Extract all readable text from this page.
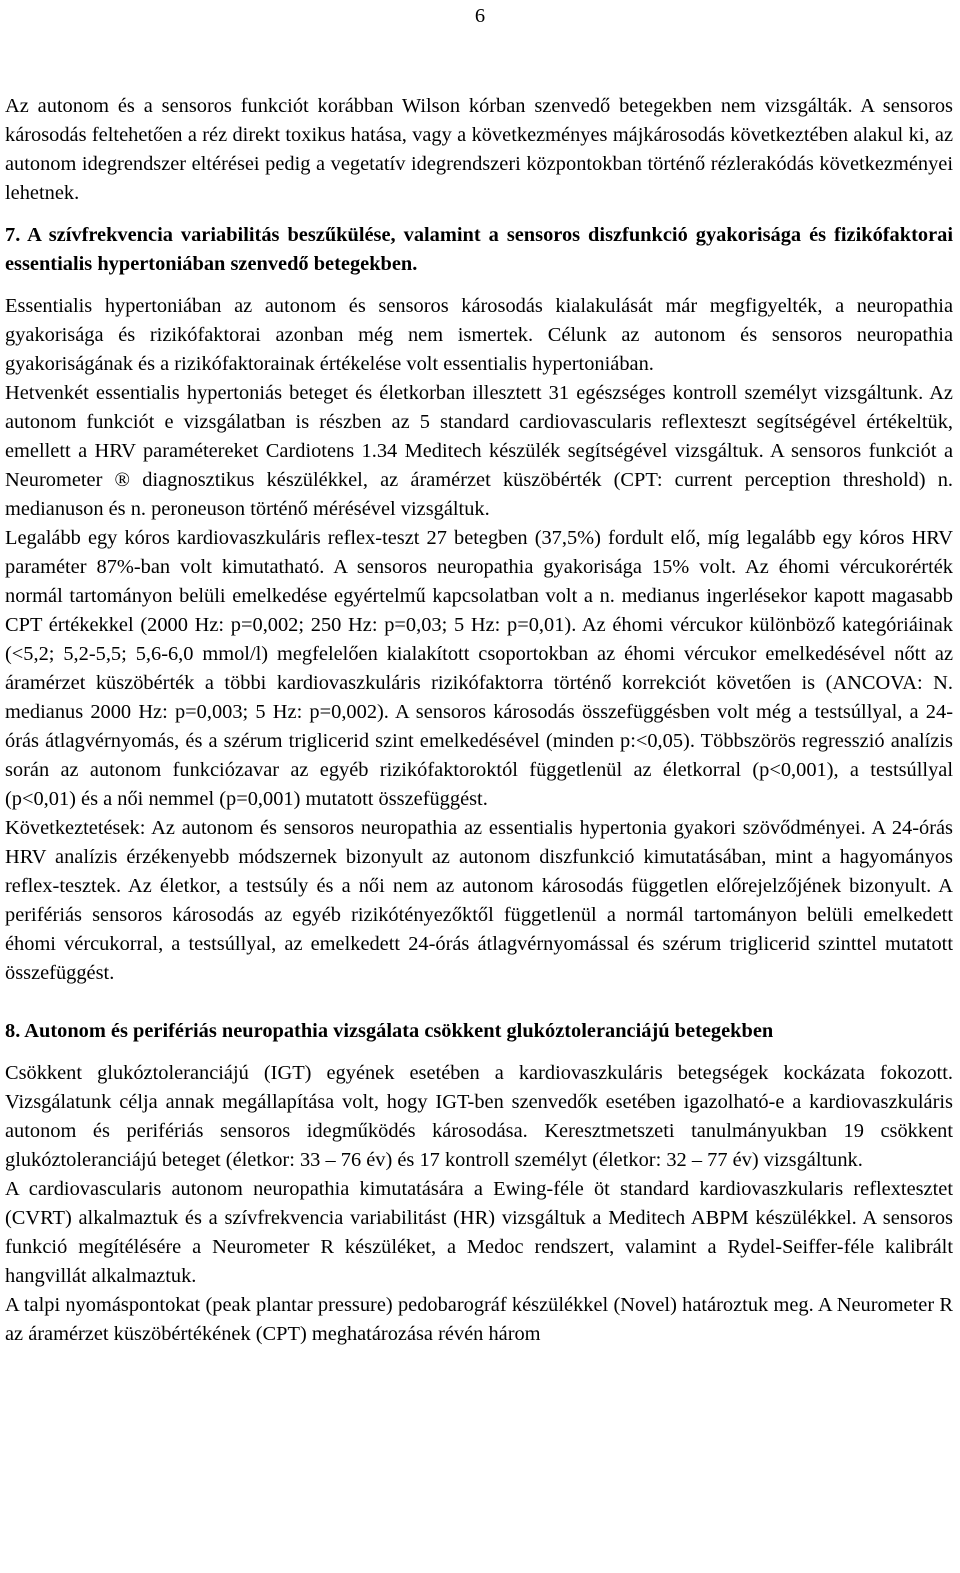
6

Az autonom és a sensoros funkciót korábban Wilson kórban szenvedő betegekben nem vizsgálták. A sensoros károsodás feltehetően a réz direkt toxikus hatása, vagy a következményes májkárosodás következtében alakul ki, az autonom idegrendszer eltérései pedig a vegetatív idegrendszeri központokban történő rézlerakódás következményei lehetnek.

7. A szívfrekvencia variabilitás beszűkülése, valamint a sensoros diszfunkció gyakorisága és fizikófaktorai essentialis hypertoniában szenvedő betegekben.

Essentialis hypertoniában az autonom és sensoros károsodás kialakulását már megfigyelték, a neuropathia gyakorisága és rizikófaktorai azonban még nem ismertek. Célunk az autonom és sensoros neuropathia gyakoriságának és a rizikófaktorainak értékelése volt essentialis hypertoniában.

Hetvenkét essentialis hypertoniás beteget és életkorban illesztett 31 egészséges kontroll személyt vizsgáltunk. Az autonom funkciót e vizsgálatban is részben az 5 standard cardiovascularis reflexteszt segítségével értékeltük, emellett a HRV paramétereket Cardiotens 1.34 Meditech készülék segítségével vizsgáltuk. A sensoros funkciót a Neurometer ® diagnosztikus készülékkel, az áramérzet küszöbérték (CPT: current perception threshold) n. medianuson és n. peroneuson történő mérésével vizsgáltuk.

Legalább egy kóros kardiovaszkuláris reflex-teszt 27 betegben (37,5%) fordult elő, míg legalább egy kóros HRV paraméter 87%-ban volt kimutatható. A sensoros neuropathia gyakorisága 15% volt. Az éhomi vércukorérték normál tartományon belüli emelkedése egyértelmű kapcsolatban volt a n. medianus ingerlésekor kapott magasabb CPT értékekkel (2000 Hz: p=0,002; 250 Hz: p=0,03; 5 Hz: p=0,01). Az éhomi vércukor különböző kategóriáinak (<5,2; 5,2-5,5; 5,6-6,0 mmol/l) megfelelően kialakított csoportokban az éhomi vércukor emelkedésével nőtt az áramérzet küszöbérték a többi kardiovaszkuláris rizikófaktorra történő korrekciót követően is (ANCOVA: N. medianus 2000 Hz: p=0,003; 5 Hz: p=0,002). A sensoros károsodás összefüggésben volt még a testsúllyal, a 24-órás átlagvérnyomás, és a szérum triglicerid szint emelkedésével (minden p:<0,05). Többszörös regresszió analízis során az autonom funkciózavar az egyéb rizikófaktoroktól függetlenül az életkorral (p<0,001), a testsúllyal (p<0,01) és a női nemmel (p=0,001) mutatott összefüggést.

Következtetések: Az autonom és sensoros neuropathia az essentialis hypertonia gyakori szövődményei. A 24-órás HRV analízis érzékenyebb módszernek bizonyult az autonom diszfunkció kimutatásában, mint a hagyományos reflex-tesztek. Az életkor, a testsúly és a női nem az autonom károsodás független előrejelzőjének bizonyult. A perifériás sensoros károsodás az egyéb rizikótényezőktől függetlenül a normál tartományon belüli emelkedett éhomi vércukorral, a testsúllyal, az emelkedett 24-órás átlagvérnyomással és szérum triglicerid szinttel mutatott összefüggést.

8. Autonom és perifériás neuropathia vizsgálata csökkent glukóztoleranciájú betegekben

Csökkent glukóztoleranciájú (IGT) egyének esetében a kardiovaszkuláris betegségek kockázata fokozott. Vizsgálatunk célja annak megállapítása volt, hogy IGT-ben szenvedők esetében igazolható-e a kardiovaszkuláris autonom és perifériás sensoros idegműködés károsodása. Keresztmetszeti tanulmányukban 19 csökkent glukóztoleranciájú beteget (életkor: 33 – 76 év) és 17 kontroll személyt (életkor: 32 – 77 év) vizsgáltunk.

A cardiovascularis autonom neuropathia kimutatására a Ewing-féle öt standard kardiovaszkularis reflextesztet (CVRT) alkalmaztuk és a szívfrekvencia variabilitást (HR) vizsgáltuk a Meditech ABPM készülékkel. A sensoros funkció megítélésére a Neurometer R készüléket, a Medoc rendszert, valamint a Rydel-Seiffer-féle kalibrált hangvillát alkalmaztuk.

A talpi nyomáspontokat (peak plantar pressure) pedobarográf készülékkel (Novel) határoztuk meg. A Neurometer R az áramérzet küszöbértékének (CPT) meghatározása révén három
